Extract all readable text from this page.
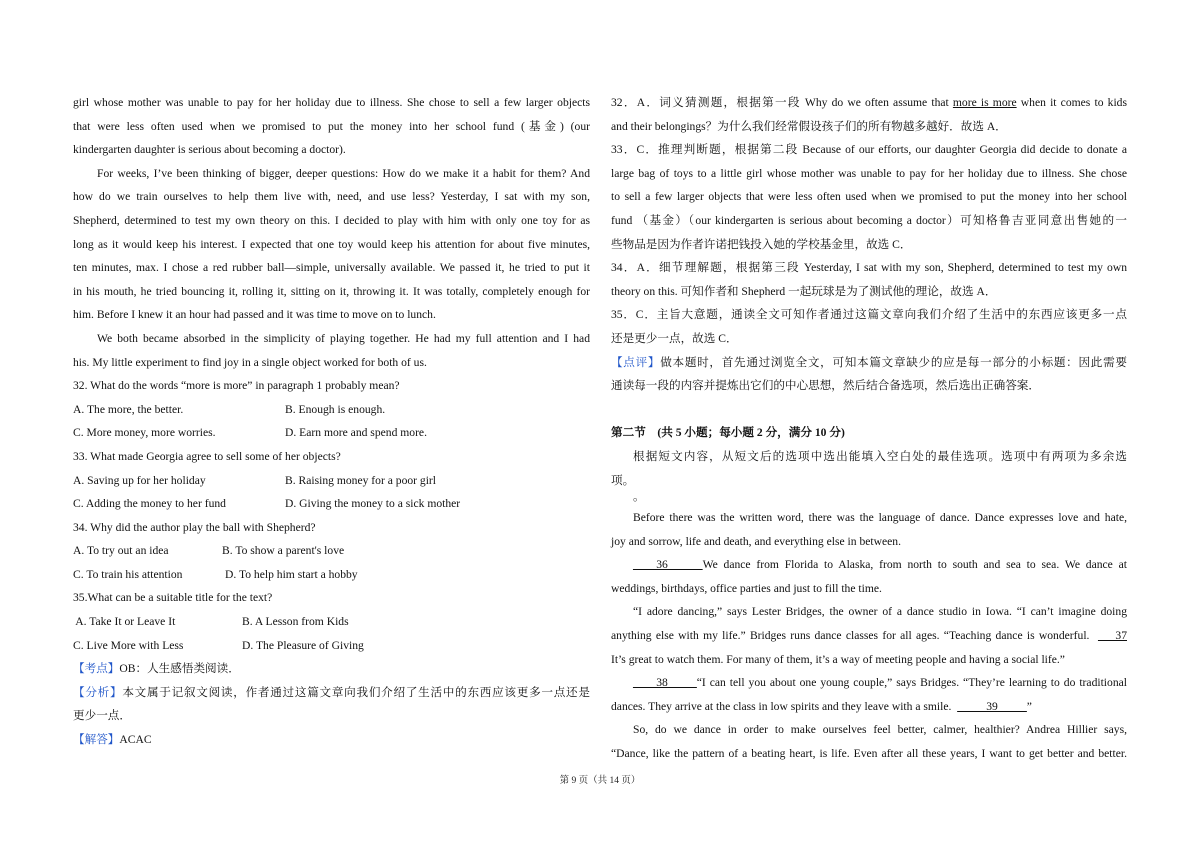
girl whose mother was unable to pay for her holiday due to illness. She chose to sell a few larger objects
that were less often used when we promised to put the money into her school fund (基金) (our
kindergarten daughter is serious about becoming a doctor).
For weeks, I’ve been thinking of bigger, deeper questions: How do we make it a habit for them? And
how do we train ourselves to help them live with, need, and use less? Yesterday, I sat with my son,
Shepherd, determined to test my own theory on this. I decided to play with him with only one toy for as
long as it would keep his interest. I expected that one toy would keep his attention for about five minutes,
ten minutes, max. I chose a red rubber ball—simple, universally available. We passed it, he tried to put it
in his mouth, he tried bouncing it, rolling it, sitting on it, throwing it. It was totally, completely enough for
him. Before I knew it an hour had passed and it was time to move on to lunch.
We both became absorbed in the simplicity of playing together. He had my full attention and I had
his. My little experiment to find joy in a single object worked for both of us.
32. What do the words “more is more” in paragraph 1 probably mean?
A. The more, the better.	B. Enough is enough.
C. More money, more worries.	D. Earn more and spend more.
33. What made Georgia agree to sell some of her objects?
A. Saving up for her holiday	B. Raising money for a poor girl
C. Adding the money to her fund	D. Giving the money to a sick mother
34. Why did the author play the ball with Shepherd?
A. To try out an idea	B. To show a parent's love
C. To train his attention	D. To help him start a hobby
35.What can be a suitable title for the text?
A. Take It or Leave It	B. A Lesson from Kids
C. Live More with Less	D. The Pleasure of Giving
【考点】OB：人生感悟类阅读．
【分析】本文属于记叙文阅读，作者通过这篇文章向我们介绍了生活中的东西应该更多一点还是
更少一点．
【解答】ACAC
32．A．词义猜测题，根据第一段 Why do we often assume that more is more when it comes to kids
and their belongings？为什么我们经常假设孩子们的所有物越多越好．故选 A．
33．C．推理判断题，根据第二段 Because of our efforts, our daughter Georgia did decide to donate a
large bag of toys to a little girl whose mother was unable to pay for her holiday due to illness. She chose
to sell a few larger objects that were less often used when we promised to put the money into her school
fund （基金）（our kindergarten is serious about becoming a doctor）可知格鲁吉亚同意出售她的一
些物品是因为作者许诺把钱投入她的学校基金里，故选 C．
34．A．细节理解题，根据第三段 Yesterday, I sat with my son, Shepherd, determined to test my own
theory on this. 可知作者和 Shepherd 一起玩球是为了测试他的理论，故选 A．
35．C．主旨大意题，通读全文可知作者通过这篇文章向我们介绍了生活中的东西应该更多一点
还是更少一点，故选 C．
【点评】做本题时，首先通过浏览全文，可知本篇文章缺少的应是每一部分的小标题：因此需要
通读每一段的内容并提炼出它们的中心思想，然后结合备选项，然后选出正确答案．
第二节    (共 5 小题；每小题 2 分，满分 10 分)
根据短文内容，从短文后的选项中选出能填入空白处的最佳选项。选项中有两项为多余选
项。
。
Before there was the written word, there was the language of dance. Dance expresses love and hate,
joy and sorrow, life and death, and everything else in between.
____36______We dance from Florida to Alaska, from north to south and sea to sea. We dance at
weddings, birthdays, office parties and just to fill the time.
“I adore dancing,” says Lester Bridges, the owner of a dance studio in Iowa. “I can’t imagine doing
anything else with my life.” Bridges runs dance classes for all ages. “Teaching dance is wonderful.  ___37
It’s great to watch them. For many of them, it’s a way of meeting people and having a social life.”
____38_____“I can tell you about one young couple,” says Bridges. “They’re learning to do traditional
dances. They arrive at the class in low spirits and they leave with a smile.  _____39_____”
So, do we dance in order to make ourselves feel better, calmer, healthier? Andrea Hillier says,
“Dance, like the pattern of a beating heart, is life. Even after all these years, I want to get better and better.
第 9 页（共 14 页）
